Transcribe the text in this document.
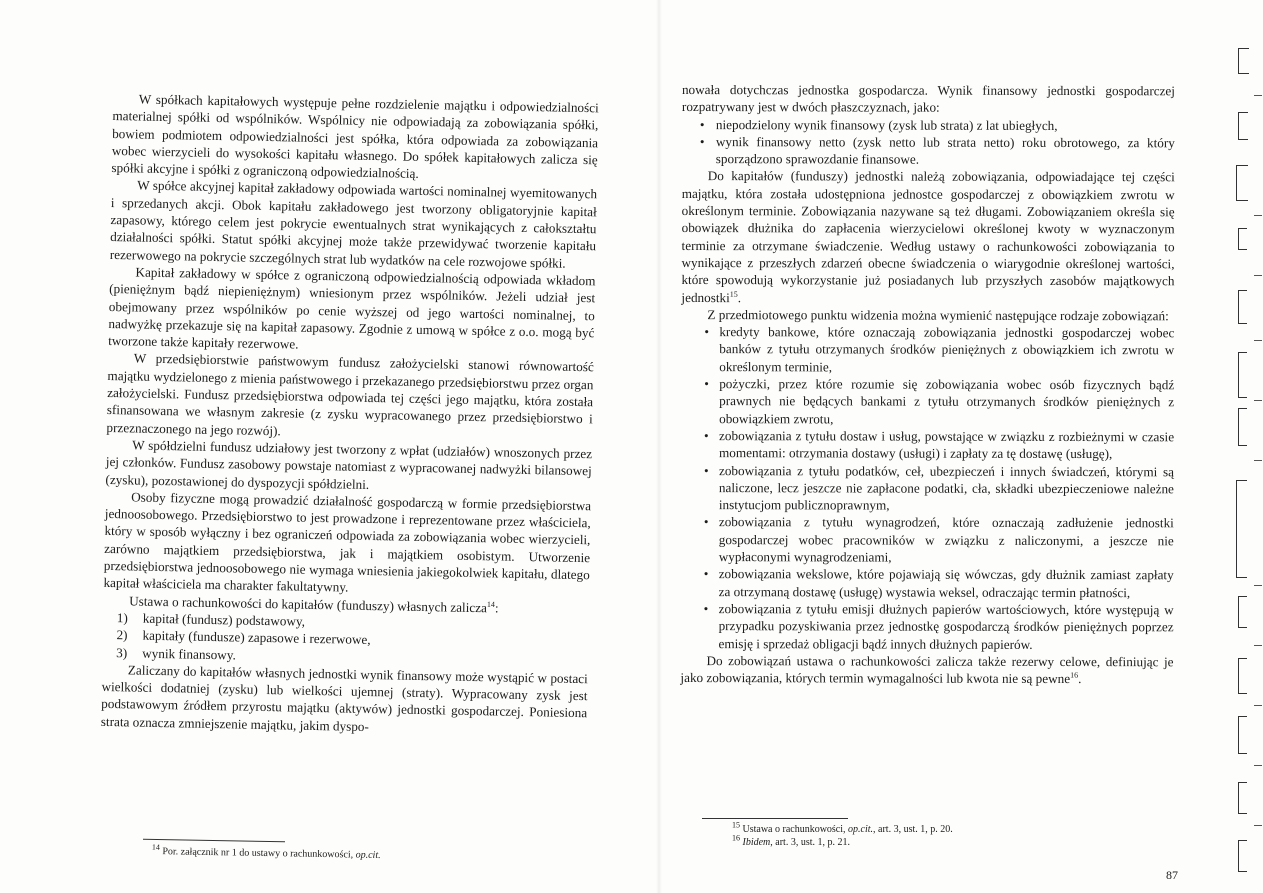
W spółkach kapitałowych występuje pełne rozdzielenie majątku i odpowiedzialności materialnej spółki od wspólników. Wspólnicy nie odpowiadają za zobowiązania spółki, bowiem podmiotem odpowiedzialności jest spółka, która odpowiada za zobowiązania wobec wierzycieli do wysokości kapitału własnego. Do spółek kapitałowych zalicza się spółki akcyjne i spółki z ograniczoną odpowiedzialnością.

W spółce akcyjnej kapitał zakładowy odpowiada wartości nominalnej wyemitowanych i sprzedanych akcji. Obok kapitału zakładowego jest tworzony obligatoryjnie kapitał zapasowy, którego celem jest pokrycie ewentualnych strat wynikających z całokształtu działalności spółki. Statut spółki akcyjnej może także przewidywać tworzenie kapitału rezerwowego na pokrycie szczególnych strat lub wydatków na cele rozwojowe spółki.

Kapitał zakładowy w spółce z ograniczoną odpowiedzialnością odpowiada wkładom (pieniężnym bądź niepieniężnym) wniesionym przez wspólników. Jeżeli udział jest obejmowany przez wspólników po cenie wyższej od jego wartości nominalnej, to nadwyżkę przekazuje się na kapitał zapasowy. Zgodnie z umową w spółce z o.o. mogą być tworzone także kapitały rezerwowe.

W przedsiębiorstwie państwowym fundusz założycielski stanowi równowartość majątku wydzielonego z mienia państwowego i przekazanego przedsiębiorstwu przez organ założycielski. Fundusz przedsiębiorstwa odpowiada tej części jego majątku, która została sfinansowana we własnym zakresie (z zysku wypracowanego przez przedsiębiorstwo i przeznaczonego na jego rozwój).

W spółdzielni fundusz udziałowy jest tworzony z wpłat (udziałów) wnoszonych przez jej członków. Fundusz zasobowy powstaje natomiast z wypracowanej nadwyżki bilansowej (zysku), pozostawionej do dyspozycji spółdzielni.

Osoby fizyczne mogą prowadzić działalność gospodarczą w formie przedsiębiorstwa jednoosobowego. Przedsiębiorstwo to jest prowadzone i reprezentowane przez właściciela, który w sposób wyłączny i bez ograniczeń odpowiada za zobowiązania wobec wierzycieli, zarówno majątkiem przedsiębiorstwa, jak i majątkiem osobistym. Utworzenie przedsiębiorstwa jednoosobowego nie wymaga wniesienia jakiegokolwiek kapitału, dlatego kapitał właściciela ma charakter fakultatywny.

Ustawa o rachunkowości do kapitałów (funduszy) własnych zalicza$^{14}$:

1) kapitał (fundusz) podstawowy,
2) kapitały (fundusze) zapasowe i rezerwowe,
3) wynik finansowy.

Zaliczany do kapitałów własnych jednostki wynik finansowy może wystąpić w postaci wielkości dodatniej (zysku) lub wielkości ujemnej (straty). Wypracowany zysk jest podstawowym źródłem przyrostu majątku (aktywów) jednostki gospodarczej. Poniesiona strata oznacza zmniejszenie majątku, jakim dyspo-

$^{14}$ Por. załącznik nr 1 do ustawy o rachunkowości, op.cit.

nowała dotychczas jednostka gospodarcza. Wynik finansowy jednostki gospodarczej rozpatrywany jest w dwóch płaszczyznach, jako:

• niepodzielony wynik finansowy (zysk lub strata) z lat ubiegłych,
• wynik finansowy netto (zysk netto lub strata netto) roku obrotowego, za który sporządzono sprawozdanie finansowe.

Do kapitałów (funduszy) jednostki należą zobowiązania, odpowiadające tej części majątku, która została udostępniona jednostce gospodarczej z obowiązkiem zwrotu w określonym terminie. Zobowiązania nazywane są też długami. Zobowiązaniem określa się obowiązek dłużnika do zapłacenia wierzycielowi określonej kwoty w wyznaczonym terminie za otrzymane świadczenie. Według ustawy o rachunkowości zobowiązania to wynikające z przeszłych zdarzeń obecne świadczenia o wiarygodnie określonej wartości, które spowodują wykorzystanie już posiadanych lub przyszłych zasobów majątkowych jednostki$^{15}$.

Z przedmiotowego punktu widzenia można wymienić następujące rodzaje zobowiązań:

• kredyty bankowe, które oznaczają zobowiązania jednostki gospodarczej wobec banków z tytułu otrzymanych środków pieniężnych z obowiązkiem ich zwrotu w określonym terminie,
• pożyczki, przez które rozumie się zobowiązania wobec osób fizycznych bądź prawnych nie będących bankami z tytułu otrzymanych środków pieniężnych z obowiązkiem zwrotu,
• zobowiązania z tytułu dostaw i usług, powstające w związku z rozbieżnymi w czasie momentami: otrzymania dostawy (usługi) i zapłaty za tę dostawę (usługę),
• zobowiązania z tytułu podatków, ceł, ubezpieczeń i innych świadczeń, którymi są naliczone, lecz jeszcze nie zapłacone podatki, cła, składki ubezpieczeniowe należne instytucjom publicznoprawnym,
• zobowiązania z tytułu wynagrodzeń, które oznaczają zadłużenie jednostki gospodarczej wobec pracowników w związku z naliczonymi, a jeszcze nie wypłaconymi wynagrodzeniami,
• zobowiązania wekslowe, które pojawiają się wówczas, gdy dłużnik zamiast zapłaty za otrzymaną dostawę (usługę) wystawia weksel, odraczając termin płatności,
• zobowiązania z tytułu emisji dłużnych papierów wartościowych, które występują w przypadku pozyskiwania przez jednostkę gospodarczą środków pieniężnych poprzez emisję i sprzedaż obligacji bądź innych dłużnych papierów.

Do zobowiązań ustawa o rachunkowości zalicza także rezerwy celowe, definiując je jako zobowiązania, których termin wymagalności lub kwota nie są pewne$^{16}$.

$^{15}$ Ustawa o rachunkowości, op.cit., art. 3, ust. 1, p. 20.
$^{16}$ Ibidem, art. 3, ust. 1, p. 21.
87
